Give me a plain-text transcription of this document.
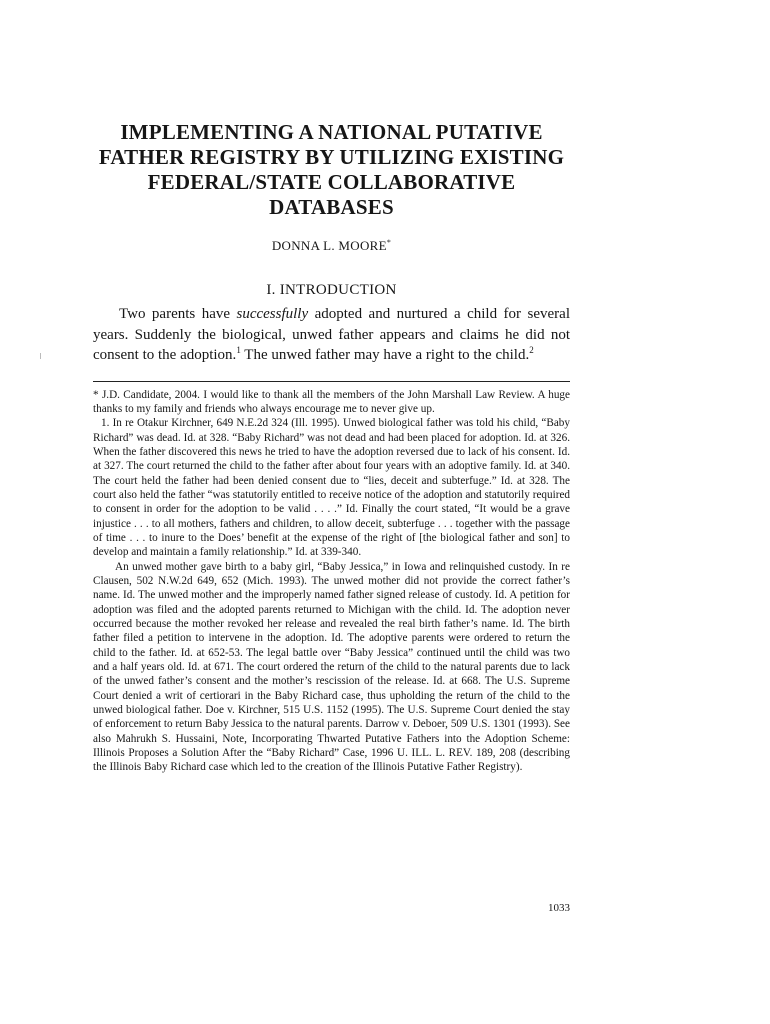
IMPLEMENTING A NATIONAL PUTATIVE
FATHER REGISTRY BY UTILIZING EXISTING
FEDERAL/STATE COLLABORATIVE
DATABASES
DONNA L. MOORE*
I. INTRODUCTION

Two parents have successfully adopted and nurtured a child for several years. Suddenly the biological, unwed father appears and claims he did not consent to the adoption.$^1$ The unwed father may have a right to the child.$^2$

* J.D. Candidate, 2004. I would like to thank all the members of the John Marshall Law Review. A huge thanks to my family and friends who always encourage me to never give up.

1. In re Otakur Kirchner, 649 N.E.2d 324 (Ill. 1995). Unwed biological father was told his child, “Baby Richard” was dead. Id. at 328. “Baby Richard” was not dead and had been placed for adoption. Id. at 326. When the father discovered this news he tried to have the adoption reversed due to lack of his consent. Id. at 327. The court returned the child to the father after about four years with an adoptive family. Id. at 340. The court held the father had been denied consent due to “lies, deceit and subterfuge.” Id. at 328. The court also held the father “was statutorily entitled to receive notice of the adoption and statutorily required to consent in order for the adoption to be valid . . . .” Id. Finally the court stated, “It would be a grave injustice . . . to all mothers, fathers and children, to allow deceit, subterfuge . . . together with the passage of time . . . to inure to the Does’ benefit at the expense of the right of [the biological father and son] to develop and maintain a family relationship.” Id. at 339-340.

An unwed mother gave birth to a baby girl, “Baby Jessica,” in Iowa and relinquished custody. In re Clausen, 502 N.W.2d 649, 652 (Mich. 1993). The unwed mother did not provide the correct father’s name. Id. The unwed mother and the improperly named father signed release of custody. Id. A petition for adoption was filed and the adopted parents returned to Michigan with the child. Id. The adoption never occurred because the mother revoked her release and revealed the real birth father’s name. Id. The birth father filed a petition to intervene in the adoption. Id. The adoptive parents were ordered to return the child to the father. Id. at 652-53. The legal battle over “Baby Jessica” continued until the child was two and a half years old. Id. at 671. The court ordered the return of the child to the natural parents due to lack of the unwed father’s consent and the mother’s rescission of the release. Id. at 668. The U.S. Supreme Court denied a writ of certiorari in the Baby Richard case, thus upholding the return of the child to the unwed biological father. Doe v. Kirchner, 515 U.S. 1152 (1995). The U.S. Supreme Court denied the stay of enforcement to return Baby Jessica to the natural parents. Darrow v. Deboer, 509 U.S. 1301 (1993). See also Mahrukh S. Hussaini, Note, Incorporating Thwarted Putative Fathers into the Adoption Scheme: Illinois Proposes a Solution After the “Baby Richard” Case, 1996 U. ILL. L. REV. 189, 208 (describing the Illinois Baby Richard case which led to the creation of the Illinois Putative Father Registry).

1033
